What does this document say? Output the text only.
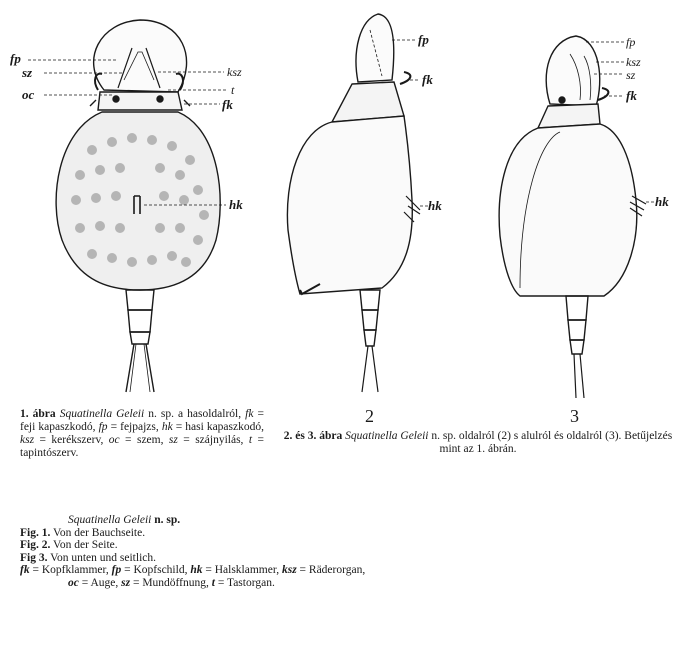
fp
sz
oc
ksz
t
fk
hk
fp
fk
hk
2
fp
ksz
sz
fk
hk
3
1. ábra Squatinella Geleii n. sp. a hasoldalról, fk = feji kapaszkodó, fp = fejpajzs, hk = hasi kapaszkodó, ksz = kerékszerv, oc = szem, sz = szájnyilás, t = tapintószerv.
2. és 3. ábra Squatinella Geleii n. sp. oldalról (2) s alulról és oldalról (3). Betűjelzés mint az 1. ábrán.
Squatinella Geleii n. sp.
Fig. 1. Von der Bauchseite.
Fig. 2. Von der Seite.
Fig 3. Von unten und seitlich.
fk = Kopfklammer, fp = Kopfschild, hk = Halsklammer, ksz = Räderorgan,
oc = Auge, sz = Mundöffnung, t = Tastorgan.
